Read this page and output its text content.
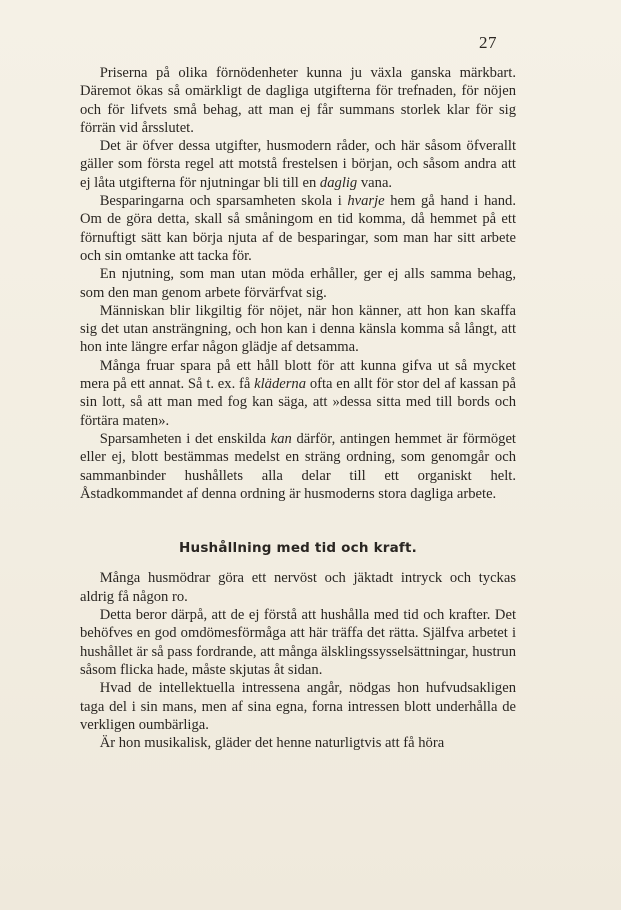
27

Priserna på olika förnödenheter kunna ju växla ganska märkbart. Däremot ökas så omärkligt de dagliga utgifterna för trefnaden, för nöjen och för lifvets små behag, att man ej får summans storlek klar för sig förrän vid årsslutet.

Det är öfver dessa utgifter, husmodern råder, och här såsom öfverallt gäller som första regel att motstå frestelsen i början, och såsom andra att ej låta utgifterna för njutningar bli till en daglig vana.

Besparingarna och sparsamheten skola i hvarje hem gå hand i hand. Om de göra detta, skall så småningom en tid komma, då hemmet på ett förnuftigt sätt kan börja njuta af de besparingar, som man har sitt arbete och sin omtanke att tacka för.

En njutning, som man utan möda erhåller, ger ej alls samma behag, som den man genom arbete förvärfvat sig.

Människan blir likgiltig för nöjet, när hon känner, att hon kan skaffa sig det utan ansträngning, och hon kan i denna känsla komma så långt, att hon inte längre erfar någon glädje af detsamma.

Många fruar spara på ett håll blott för att kunna gifva ut så mycket mera på ett annat. Så t. ex. få kläderna ofta en allt för stor del af kassan på sin lott, så att man med fog kan säga, att »dessa sitta med till bords och förtära maten».

Sparsamheten i det enskilda kan därför, antingen hemmet är förmöget eller ej, blott bestämmas medelst en sträng ordning, som genomgår och sammanbinder hushållets alla delar till ett organiskt helt. Åstadkommandet af denna ordning är husmoderns stora dagliga arbete.

Hushållning med tid och kraft.

Många husmödrar göra ett nervöst och jäktadt intryck och tyckas aldrig få någon ro.

Detta beror därpå, att de ej förstå att hushålla med tid och krafter. Det behöfves en god omdömesförmåga att här träffa det rätta. Själfva arbetet i hushållet är så pass fordrande, att många älsklingssysselsättningar, hustrun såsom flicka hade, måste skjutas åt sidan.

Hvad de intellektuella intressena angår, nödgas hon hufvudsakligen taga del i sin mans, men af sina egna, forna intressen blott underhålla de verkligen oumbärliga.

Är hon musikalisk, gläder det henne naturligtvis att få höra
